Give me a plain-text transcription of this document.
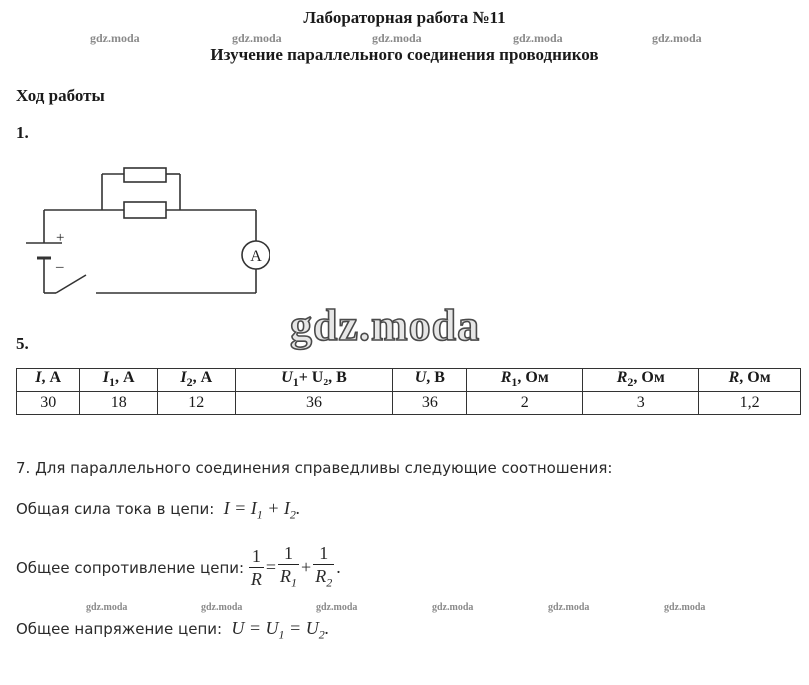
Лабораторная работа №11
gdz.moda	gdz.moda	gdz.moda	gdz.moda	gdz.moda
Изучение параллельного соединения проводников
Ход работы
1.
A
+
–
gdz.moda
5.
I, А	$I_1$, А	$I_2$, А	$U_1+ U_2$, В	U, В	$R_1$, Ом	$R_2$, Ом	R, Ом
30	18	12	36	36	2	3	1,2
7. Для параллельного соединения справедливы следующие соотношения:
Общая сила тока в цепи:  $I = I_1 + I_2$.
Общее сопротивление цепи: $\frac{1}{R} = \frac{1}{R_1} + \frac{1}{R_2}$ .
gdz.moda	gdz.moda	gdz.moda	gdz.moda	gdz.moda	gdz.moda
Общее напряжение цепи:  $U = U_1 = U_2$.
